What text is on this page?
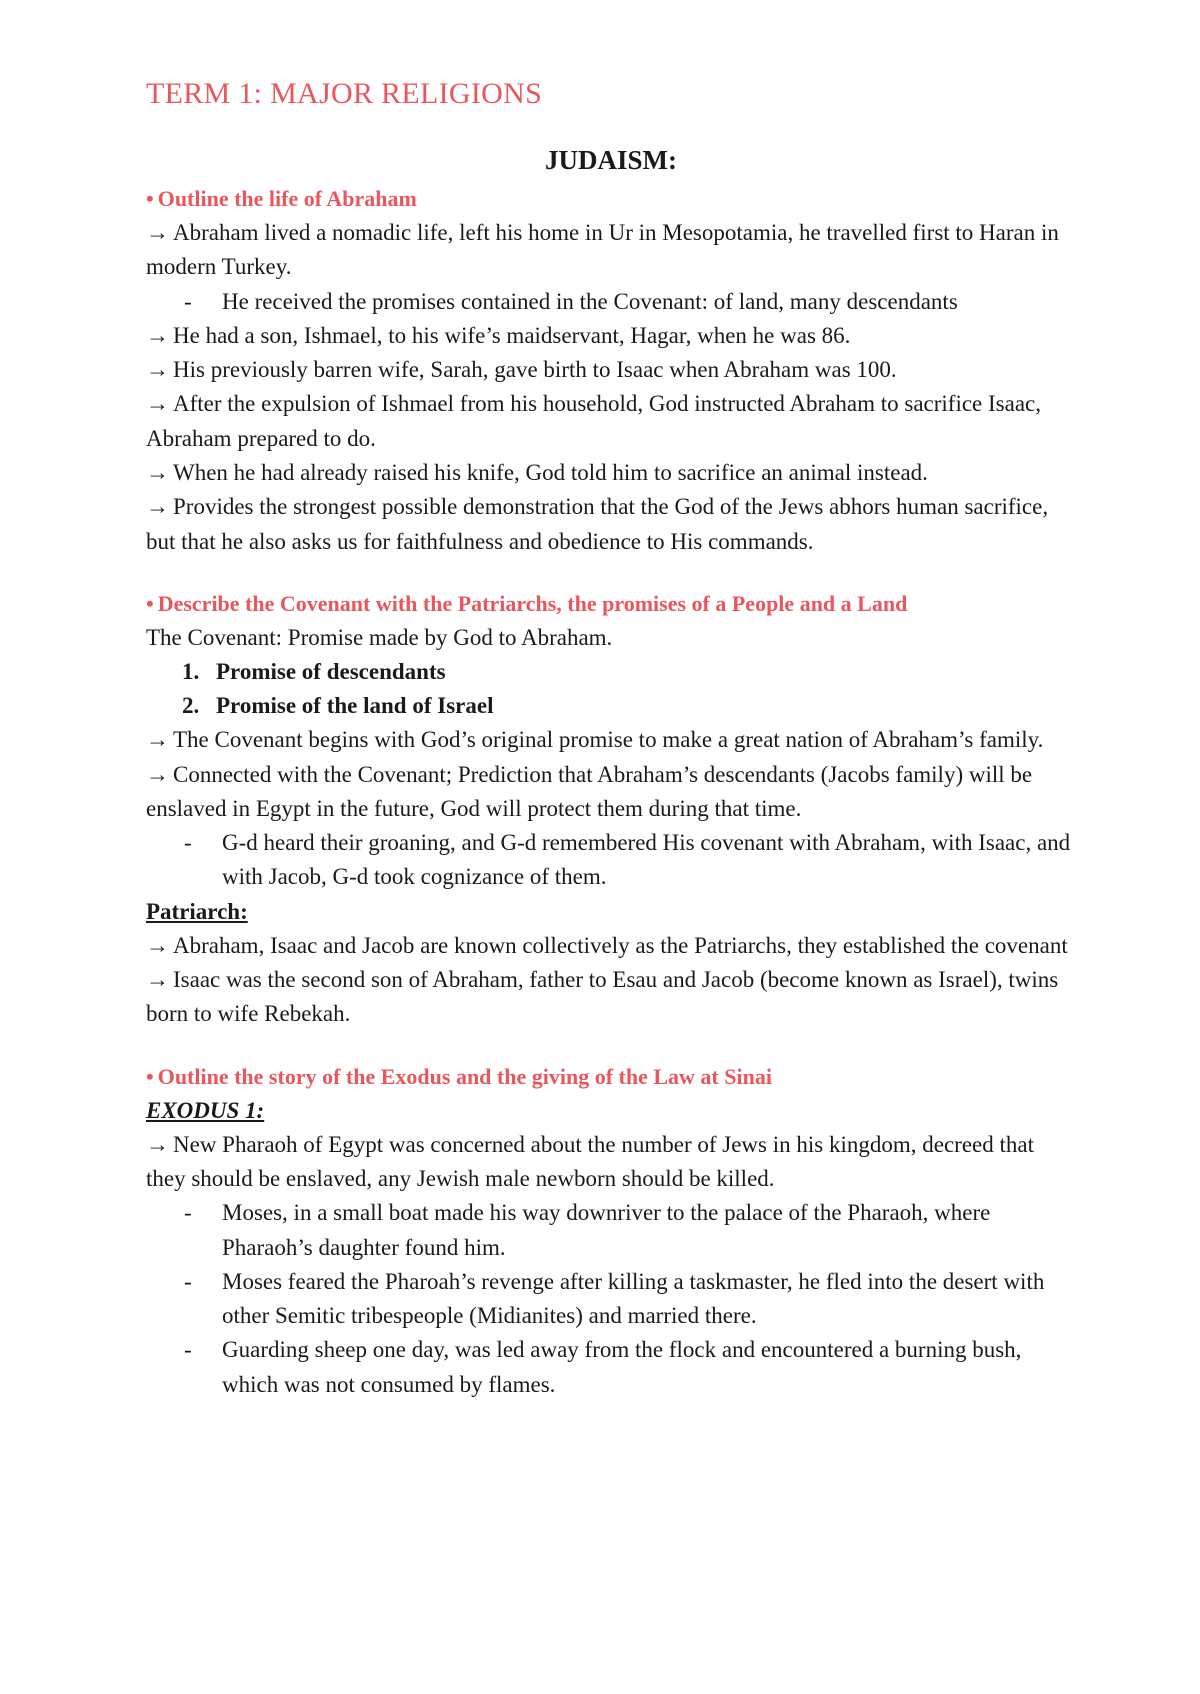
TERM 1: MAJOR RELIGIONS
JUDAISM:

• Outline the life of Abraham

→ Abraham lived a nomadic life, left his home in Ur in Mesopotamia, he travelled first to Haran in modern Turkey.

-	He received the promises contained in the Covenant: of land, many descendants

→ He had a son, Ishmael, to his wife’s maidservant, Hagar, when he was 86.

→ His previously barren wife, Sarah, gave birth to Isaac when Abraham was 100.

→ After the expulsion of Ishmael from his household, God instructed Abraham to sacrifice Isaac, Abraham prepared to do.

→ When he had already raised his knife, God told him to sacrifice an animal instead.

→ Provides the strongest possible demonstration that the God of the Jews abhors human sacrifice, but that he also asks us for faithfulness and obedience to His commands.

• Describe the Covenant with the Patriarchs, the promises of a People and a Land

The Covenant: Promise made by God to Abraham.

1. Promise of descendants
2. Promise of the land of Israel

→ The Covenant begins with God’s original promise to make a great nation of Abraham’s family.

→ Connected with the Covenant; Prediction that Abraham’s descendants (Jacobs family) will be enslaved in Egypt in the future, God will protect them during that time.

-	G-d heard their groaning, and G-d remembered His covenant with Abraham, with Isaac, and with Jacob, G-d took cognizance of them.

Patriarch:

→ Abraham, Isaac and Jacob are known collectively as the Patriarchs, they established the covenant

→ Isaac was the second son of Abraham, father to Esau and Jacob (become known as Israel), twins born to wife Rebekah.

• Outline the story of the Exodus and the giving of the Law at Sinai

EXODUS 1:

→ New Pharaoh of Egypt was concerned about the number of Jews in his kingdom, decreed that they should be enslaved, any Jewish male newborn should be killed.

-	Moses, in a small boat made his way downriver to the palace of the Pharaoh, where Pharaoh’s daughter found him.
-	Moses feared the Pharoah’s revenge after killing a taskmaster, he fled into the desert with other Semitic tribespeople (Midianites) and married there.
-	Guarding sheep one day, was led away from the flock and encountered a burning bush, which was not consumed by flames.
